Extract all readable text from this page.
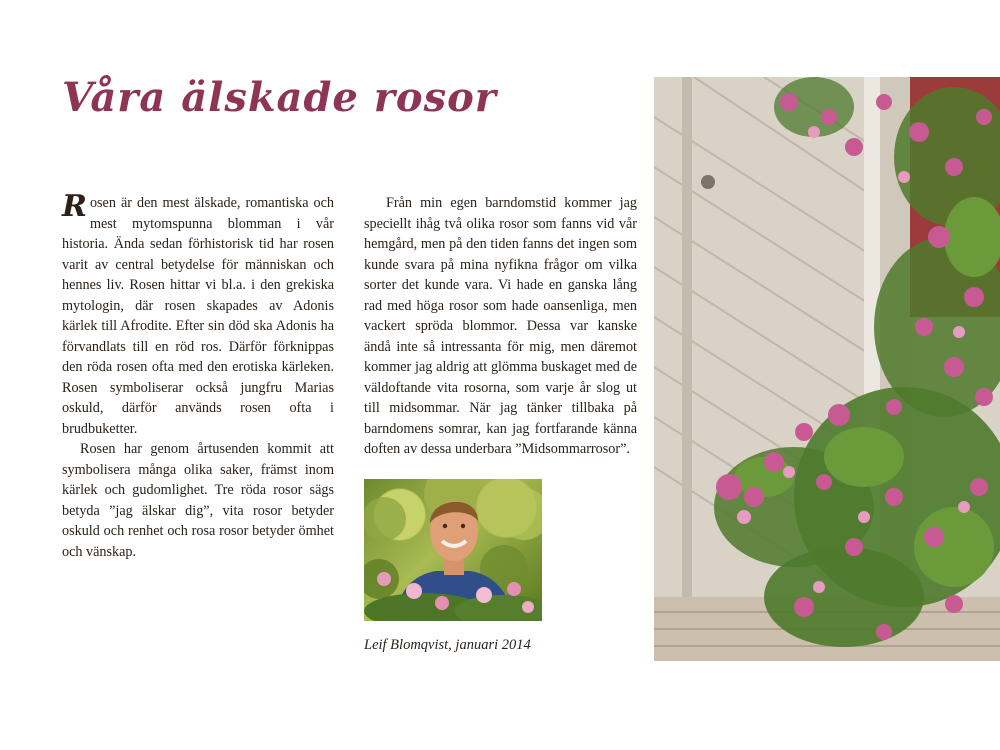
Våra älskade rosor

Rosen är den mest älskade, romantiska och mest mytomspunna blomman i vår historia. Ända sedan förhistorisk tid har rosen varit av central betydelse för människan och hennes liv. Rosen hittar vi bl.a. i den grekiska mytologin, där rosen skapades av Adonis kärlek till Afrodite. Efter sin död ska Adonis ha förvandlats till en röd ros. Därför förknippas den röda rosen ofta med den erotiska kärleken. Rosen symboliserar också jungfru Marias oskuld, därför används rosen ofta i brudbuketter.

Rosen har genom årtusenden kommit att symbolisera många olika saker, främst inom kärlek och gudomlighet. Tre röda rosor sägs betyda ”jag älskar dig”, vita rosor betyder oskuld och renhet och rosa rosor betyder ömhet och vänskap.

Från min egen barndomstid kommer jag speciellt ihåg två olika rosor som fanns vid vår hemgård, men på den tiden fanns det ingen som kunde svara på mina nyfikna frågor om vilka sorter det kunde vara. Vi hade en ganska lång rad med höga rosor som hade oansenliga, men vackert spröda blommor. Dessa var kanske ändå inte så intressanta för mig, men däremot kommer jag aldrig att glömma buskaget med de väldoftande vita rosorna, som varje år slog ut till midsommar. När jag tänker tillbaka på barndomens somrar, kan jag fortfarande känna doften av dessa underbara ”Midsommarrosor”.

Leif Blomqvist, januari 2014
